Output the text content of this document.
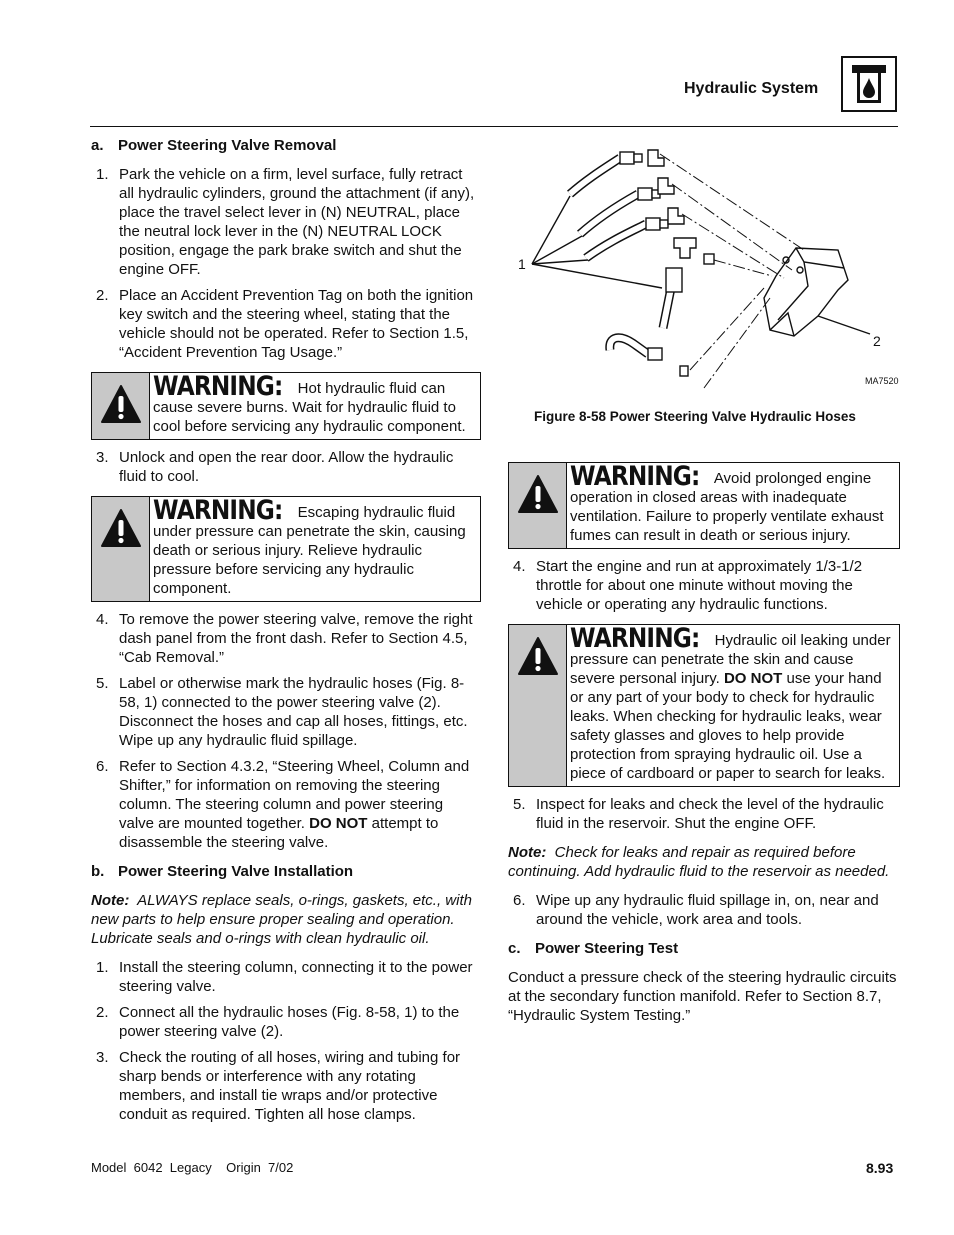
Hydraulic System
a. Power Steering Valve Removal
1. Park the vehicle on a firm, level surface, fully retract all hydraulic cylinders, ground the attachment (if any), place the travel select lever in (N) NEUTRAL, place the neutral lock lever in the (N) NEUTRAL LOCK position, engage the park brake switch and shut the engine OFF.
2. Place an Accident Prevention Tag on both the ignition key switch and the steering wheel, stating that the vehicle should not be operated. Refer to Section 1.5, “Accident Prevention Tag Usage.”
WARNING: Hot hydraulic fluid can cause severe burns. Wait for hydraulic fluid to cool before servicing any hydraulic component.
3. Unlock and open the rear door. Allow the hydraulic fluid to cool.
WARNING: Escaping hydraulic fluid under pressure can penetrate the skin, causing death or serious injury. Relieve hydraulic pressure before servicing any hydraulic component.
4. To remove the power steering valve, remove the right dash panel from the front dash. Refer to Section 4.5, “Cab Removal.”
5. Label or otherwise mark the hydraulic hoses (Fig. 8-58, 1) connected to the power steering valve (2). Disconnect the hoses and cap all hoses, fittings, etc. Wipe up any hydraulic fluid spillage.
6. Refer to Section 4.3.2, “Steering Wheel, Column and Shifter,” for information on removing the steering column. The steering column and power steering valve are mounted together. DO NOT attempt to disassemble the steering valve.
b. Power Steering Valve Installation

Note: ALWAYS replace seals, o-rings, gaskets, etc., with new parts to help ensure proper sealing and operation. Lubricate seals and o-rings with clean hydraulic oil.

1. Install the steering column, connecting it to the power steering valve.
2. Connect all the hydraulic hoses (Fig. 8-58, 1) to the power steering valve (2).
3. Check the routing of all hoses, wiring and tubing for sharp bends or interference with any rotating members, and install tie wraps and/or protective conduit as required. Tighten all hose clamps.
1
2
MA7520
Figure 8-58 Power Steering Valve Hydraulic Hoses
WARNING: Avoid prolonged engine operation in closed areas with inadequate ventilation. Failure to properly ventilate exhaust fumes can result in death or serious injury.
4. Start the engine and run at approximately 1/3-1/2 throttle for about one minute without moving the vehicle or operating any hydraulic functions.
WARNING: Hydraulic oil leaking under pressure can penetrate the skin and cause severe personal injury. DO NOT use your hand or any part of your body to check for hydraulic leaks. When checking for hydraulic leaks, wear safety glasses and gloves to help provide protection from spraying hydraulic oil. Use a piece of cardboard or paper to search for leaks.
5. Inspect for leaks and check the level of the hydraulic fluid in the reservoir. Shut the engine OFF.

Note: Check for leaks and repair as required before continuing. Add hydraulic fluid to the reservoir as needed.

6. Wipe up any hydraulic fluid spillage in, on, near and around the vehicle, work area and tools.
c. Power Steering Test

Conduct a pressure check of the steering hydraulic circuits at the secondary function manifold. Refer to Section 8.7, “Hydraulic System Testing.”

Model  6042  Legacy    Origin  7/02	8.93
